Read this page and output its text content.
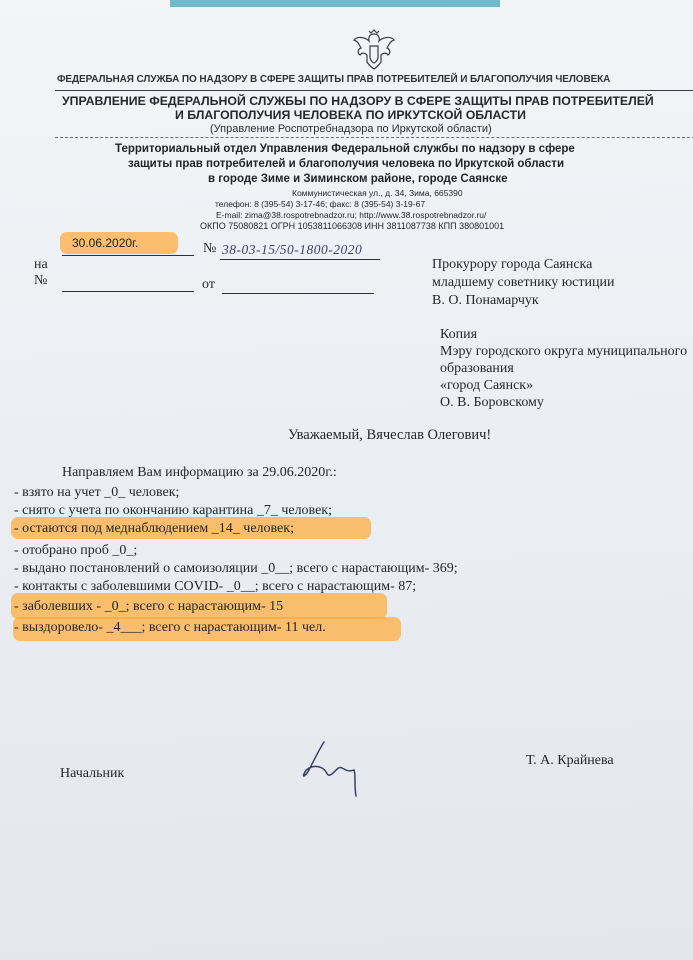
ФЕДЕРАЛЬНАЯ СЛУЖБА ПО НАДЗОРУ В СФЕРЕ ЗАЩИТЫ ПРАВ ПОТРЕБИТЕЛЕЙ И БЛАГОПОЛУЧИЯ ЧЕЛОВЕКА
УПРАВЛЕНИЕ ФЕДЕРАЛЬНОЙ СЛУЖБЫ ПО НАДЗОРУ В СФЕРЕ ЗАЩИТЫ ПРАВ ПОТРЕБИТЕЛЕЙ
И БЛАГОПОЛУЧИЯ ЧЕЛОВЕКА ПО ИРКУТСКОЙ ОБЛАСТИ
(Управление Роспотребнадзора по Иркутской области)
Территориальный отдел Управления Федеральной службы по надзору в сфере
защиты прав потребителей и благополучия человека по Иркутской области
в городе Зиме и Зиминском районе, городе Саянске
Коммунистическая ул., д. 34, Зима, 665390
телефон: 8 (395-54) 3-17-46; факс: 8 (395-54) 3-19-67
E-mail: zima@38.rospotrebnadzor.ru; http://www.38.rospotrebnadzor.ru/
ОКПО 75080821 ОГРН 1053811066308 ИНН 3811087738 КПП 380801001
30.06.2020г.	№ 38-03-15/50-1800-2020
на
№	от
Прокурору города Саянска
младшему советнику юстиции
В. О. Понамарчук
Копия
Мэру городского округа муниципального
образования
«город Саянск»
О. В. Боровскому
Уважаемый, Вячеслав Олегович!
Направляем Вам информацию за 29.06.2020г.:
- взято на учет _0_ человек;
- снято с учета по окончанию карантина _7_ человек;
- остаются под медн​аблюдением _14_ человек;
- отобрано проб _0_;
- выдано постановлений о самоизоляции _0__; всего с нарастающим- 369;
- контакты с заболевшими COVID- _0__; всего с нарастающим- 87;
- заболевших - _0_; всего с нарастающим- 15
- выздоровело- _4___; всего с нарастающим- 11 чел.
Начальник
Т. А. Крайнева
